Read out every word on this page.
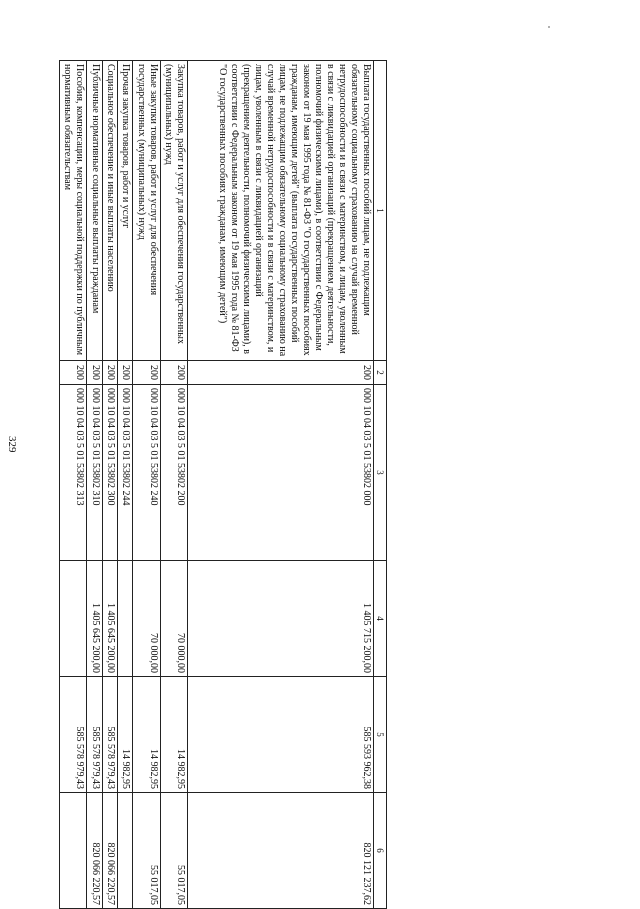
329
1	2	3	4	5	6
Выплата государственных пособий лицам, не подлежащим обязательному социальному страхованию на случай временной нетрудоспособности и в связи с материнством, и лицам, уволенным в связи с ликвидацией организаций (прекращением деятельности, полномочий физическими лицами), в соответствии с Федеральным законом от 19 мая 1995 года № 81-ФЗ "О государственных пособиях гражданам, имеющим детей" (выплата государственных пособий лицам, не подлежащим обязательному социальному страхованию на случай временной нетрудоспособности и в связи с материнством, и лицам, уволенным в связи с ликвидацией организаций (прекращением деятельности, полномочий физическими лицами), в соответствии с Федеральным законом от 19 мая 1995 года № 81-ФЗ "О государственных пособиях гражданам, имеющим детей")	200	000 10 04 03 5 01 53802 000	1 405 715 200,00	585 593 962,38	820 121 237,62
Закупка товаров, работ и услуг для обеспечения государственных (муниципальных) нужд	200	000 10 04 03 5 01 53802 200	70 000,00	14 982,95	55 017,05
Иные закупки товаров, работ и услуг для обеспечения государственных (муниципальных) нужд	200	000 10 04 03 5 01 53802 240	70 000,00	14 982,95	55 017,05
Прочая закупка товаров, работ и услуг	200	000 10 04 03 5 01 53802 244		14 982,95	
Социальное обеспечение и иные выплаты населению	200	000 10 04 03 5 01 53802 300	1 405 645 200,00	585 578 979,43	820 066 220,57
Публичные нормативные социальные выплаты гражданам	200	000 10 04 03 5 01 53802 310	1 405 645 200,00	585 578 979,43	820 066 220,57
Пособия, компенсации, меры социальной поддержки по публичным нормативным обязательствам	200	000 10 04 03 5 01 53802 313		585 578 979,43	
